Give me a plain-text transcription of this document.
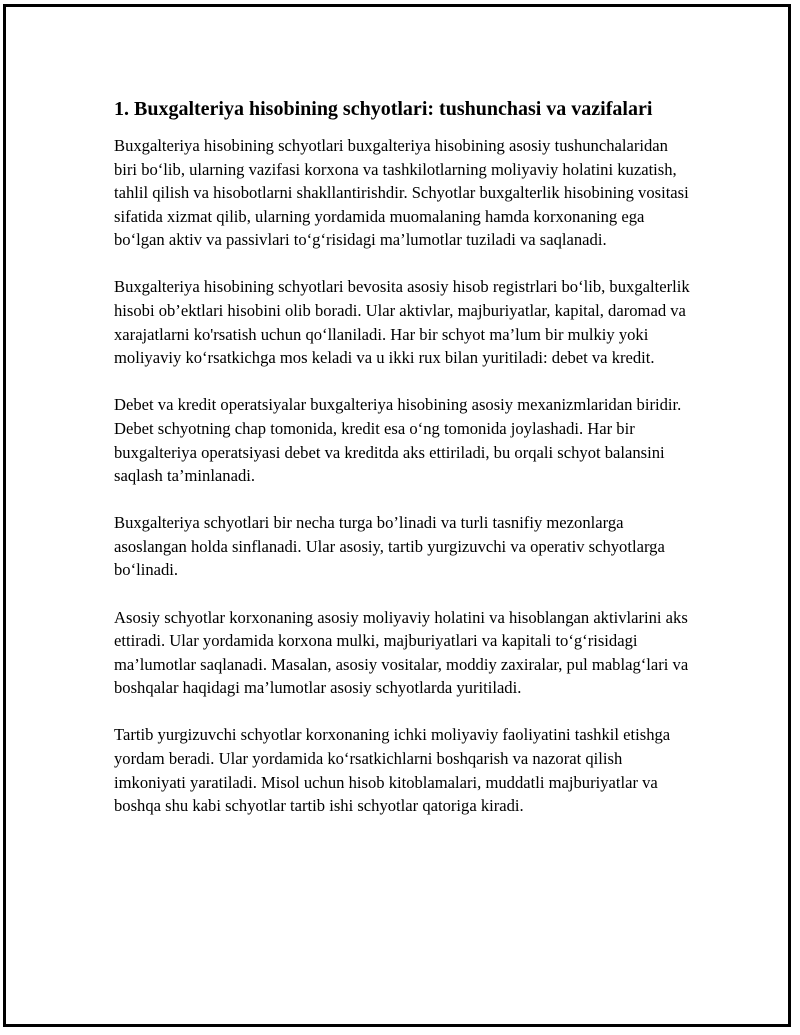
1. Buxgalteriya hisobining schyotlari: tushunchasi va vazifalari

Buxgalteriya hisobining schyotlari buxgalteriya hisobining asosiy tushunchalaridan biri bo‘lib, ularning vazifasi korxona va tashkilotlarning moliyaviy holatini kuzatish, tahlil qilish va hisobotlarni shakllantirishdir. Schyotlar buxgalterlik hisobining vositasi sifatida xizmat qilib, ularning yordamida muomalaning hamda korxonaning ega bo‘lgan aktiv va passivlari to‘g‘risidagi ma’lumotlar tuziladi va saqlanadi.

Buxgalteriya hisobining schyotlari bevosita asosiy hisob registrlari bo‘lib, buxgalterlik hisobi ob’ektlari hisobini olib boradi. Ular aktivlar, majburiyatlar, kapital, daromad va xarajatlarni ko'rsatish uchun qo‘llaniladi. Har bir schyot ma’lum bir mulkiy yoki moliyaviy ko‘rsatkichga mos keladi va u ikki rux bilan yuritiladi: debet va kredit.

Debet va kredit operatsiyalar buxgalteriya hisobining asosiy mexanizmlaridan biridir. Debet schyotning chap tomonida, kredit esa o‘ng tomonida joylashadi. Har bir buxgalteriya operatsiyasi debet va kreditda aks ettiriladi, bu orqali schyot balansini saqlash ta’minlanadi.

Buxgalteriya schyotlari bir necha turga bo’linadi va turli tasnifiy mezonlarga asoslangan holda sinflanadi. Ular asosiy, tartib yurgizuvchi va operativ schyotlarga bo‘linadi.

Asosiy schyotlar korxonaning asosiy moliyaviy holatini va hisoblangan aktivlarini aks ettiradi. Ular yordamida korxona mulki, majburiyatlari va kapitali to‘g‘risidagi ma’lumotlar saqlanadi. Masalan, asosiy vositalar, moddiy zaxiralar, pul mablag‘lari va boshqalar haqidagi ma’lumotlar asosiy schyotlarda yuritiladi.

Tartib yurgizuvchi schyotlar korxonaning ichki moliyaviy faoliyatini tashkil etishga yordam beradi. Ular yordamida ko‘rsatkichlarni boshqarish va nazorat qilish imkoniyati yaratiladi. Misol uchun hisob kitoblamalari, muddatli majburiyatlar va boshqa shu kabi schyotlar tartib ishi schyotlar qatoriga kiradi.
